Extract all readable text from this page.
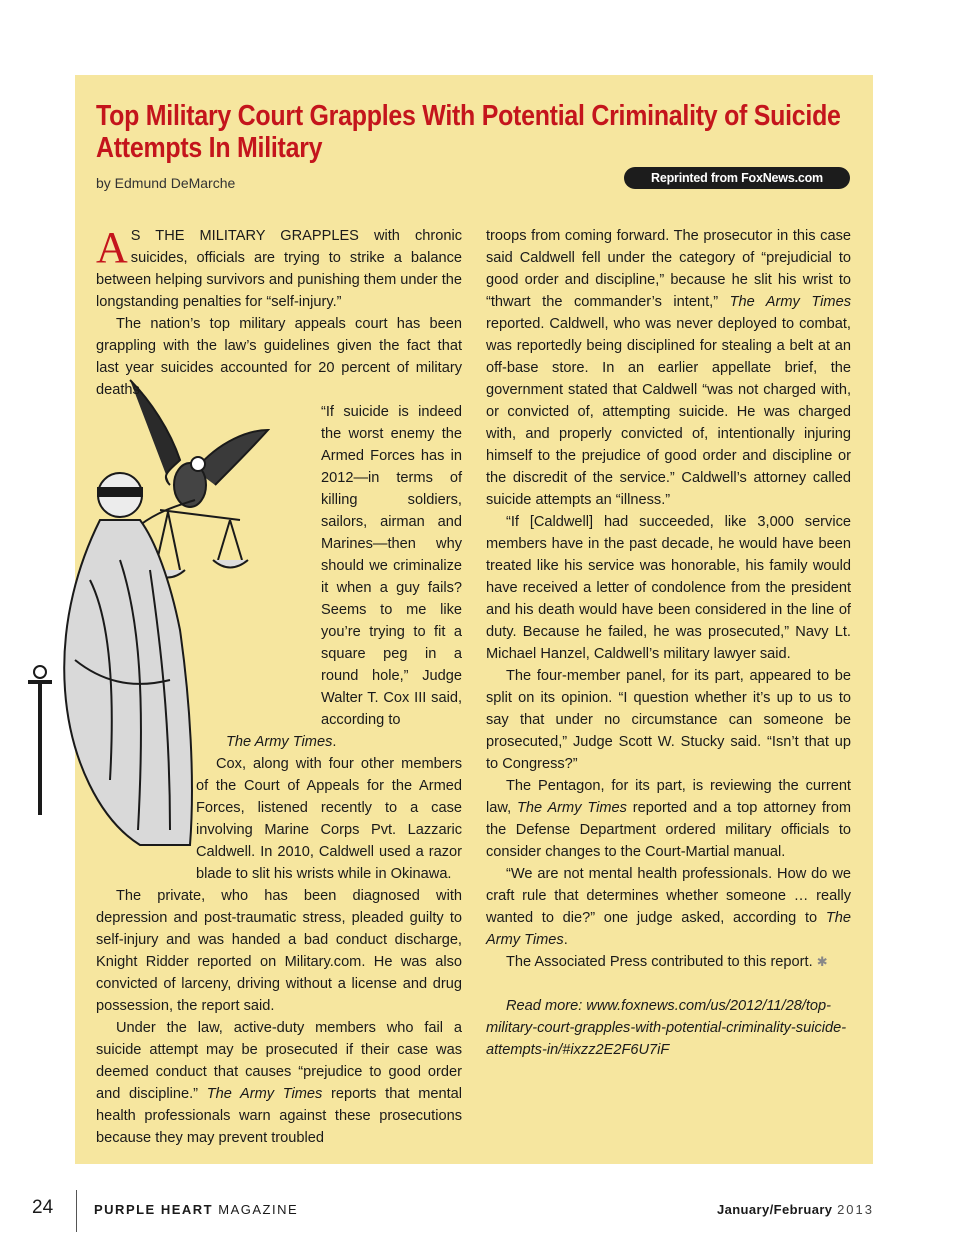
Top Military Court Grapples With Potential Criminality of Suicide
Attempts In Military
by Edmund DeMarche	Reprinted from FoxNews.com

A S THE MILITARY GRAPPLES with chronic suicides, officials are trying to strike a balance between helping survivors and punishing them under the longstanding penalties for “self-injury.”

The nation’s top military appeals court has been grappling with the law’s guidelines given the fact that last year suicides accounted for 20 percent of military deaths.

“If suicide is indeed the worst enemy the Armed Forces has in 2012—in terms of killing soldiers, sailors, airman and Marines—then why should we criminalize it when a guy fails? Seems to me like you’re trying to fit a square peg in a round hole,” Judge Walter T. Cox III said, according to

The Army Times.

Cox, along with four other members of the Court of Appeals for the Armed Forces, listened recently to a case involving Marine Corps Pvt. Lazzaric Caldwell. In 2010, Caldwell used a razor blade to slit his wrists while in Okinawa.

The private, who has been diagnosed with depression and post-traumatic stress, pleaded guilty to self-injury and was handed a bad conduct discharge, Knight Ridder reported on Military.com. He was also convicted of larceny, driving without a license and drug possession, the report said.

Under the law, active-duty members who fail a suicide attempt may be prosecuted if their case was deemed conduct that causes “prejudice to good order and discipline.” The Army Times reports that mental health professionals warn against these prosecutions because they may prevent troubled

troops from coming forward. The prosecutor in this case said Caldwell fell under the category of “prejudicial to good order and discipline,” because he slit his wrist to “thwart the commander’s intent,” The Army Times reported. Caldwell, who was never deployed to combat, was reportedly being disciplined for stealing a belt at an off-base store. In an earlier appellate brief, the government stated that Caldwell “was not charged with, or convicted of, attempting suicide. He was charged with, and properly convicted of, intentionally injuring himself to the prejudice of good order and discipline or the discredit of the service.” Caldwell’s attorney called suicide attempts an “illness.”

“If [Caldwell] had succeeded, like 3,000 service members have in the past decade, he would have been treated like his service was honorable, his family would have received a letter of condolence from the president and his death would have been considered in the line of duty. Because he failed, he was prosecuted,” Navy Lt. Michael Hanzel, Caldwell’s military lawyer said.

The four-member panel, for its part, appeared to be split on its opinion. “I question whether it’s up to us to say that under no circumstance can someone be prosecuted,” Judge Scott W. Stucky said. “Isn’t that up to Congress?”

The Pentagon, for its part, is reviewing the current law, The Army Times reported and a top attorney from the Defense Department ordered military officials to consider changes to the Court-Martial manual.

“We are not mental health professionals. How do we craft rule that determines whether someone … really wanted to die?” one judge asked, according to The Army Times.

The Associated Press contributed to this report. ✱

Read more: www.foxnews.com/us/2012/11/28/top-military-court-grapples-with-potential-criminality-suicide-attempts-in/#ixzz2E2F6U7iF

24	PURPLE HEART MAGAZINE	January/February 2013
